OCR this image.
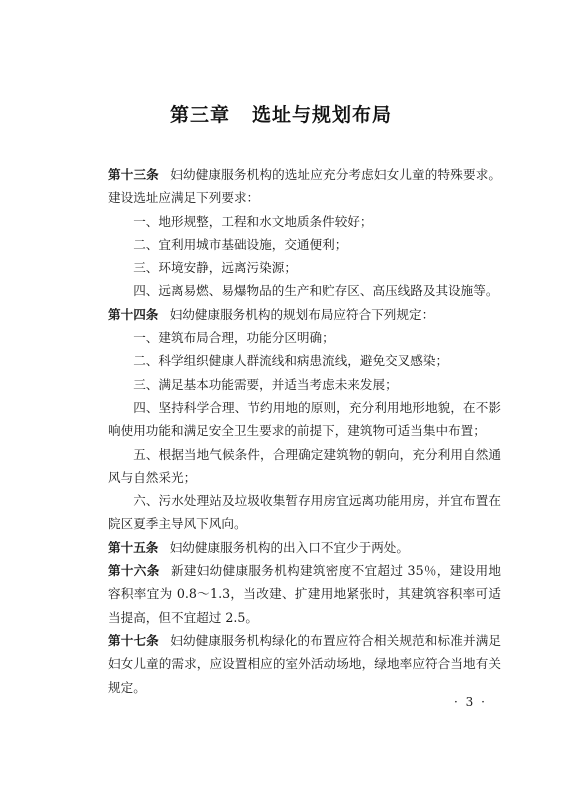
第三章 选址与规划布局

第十三条 妇幼健康服务机构的选址应充分考虑妇女儿童的特殊要求。建设选址应满足下列要求：

一、地形规整，工程和水文地质条件较好；

二、宜利用城市基础设施，交通便利；

三、环境安静，远离污染源；

四、远离易燃、易爆物品的生产和贮存区、高压线路及其设施等。

第十四条 妇幼健康服务机构的规划布局应符合下列规定：

一、建筑布局合理，功能分区明确；

二、科学组织健康人群流线和病患流线，避免交叉感染；

三、满足基本功能需要，并适当考虑未来发展；

四、坚持科学合理、节约用地的原则，充分利用地形地貌，在不影响使用功能和满足安全卫生要求的前提下，建筑物可适当集中布置；

五、根据当地气候条件，合理确定建筑物的朝向，充分利用自然通风与自然采光；

六、污水处理站及垃圾收集暂存用房宜远离功能用房，并宜布置在院区夏季主导风下风向。

第十五条 妇幼健康服务机构的出入口不宜少于两处。

第十六条 新建妇幼健康服务机构建筑密度不宜超过 35％，建设用地容积率宜为 0.8～1.3，当改建、扩建用地紧张时，其建筑容积率可适当提高，但不宜超过 2.5。

第十七条 妇幼健康服务机构绿化的布置应符合相关规范和标准并满足妇女儿童的需求，应设置相应的室外活动场地，绿地率应符合当地有关规定。

· 3 ·
